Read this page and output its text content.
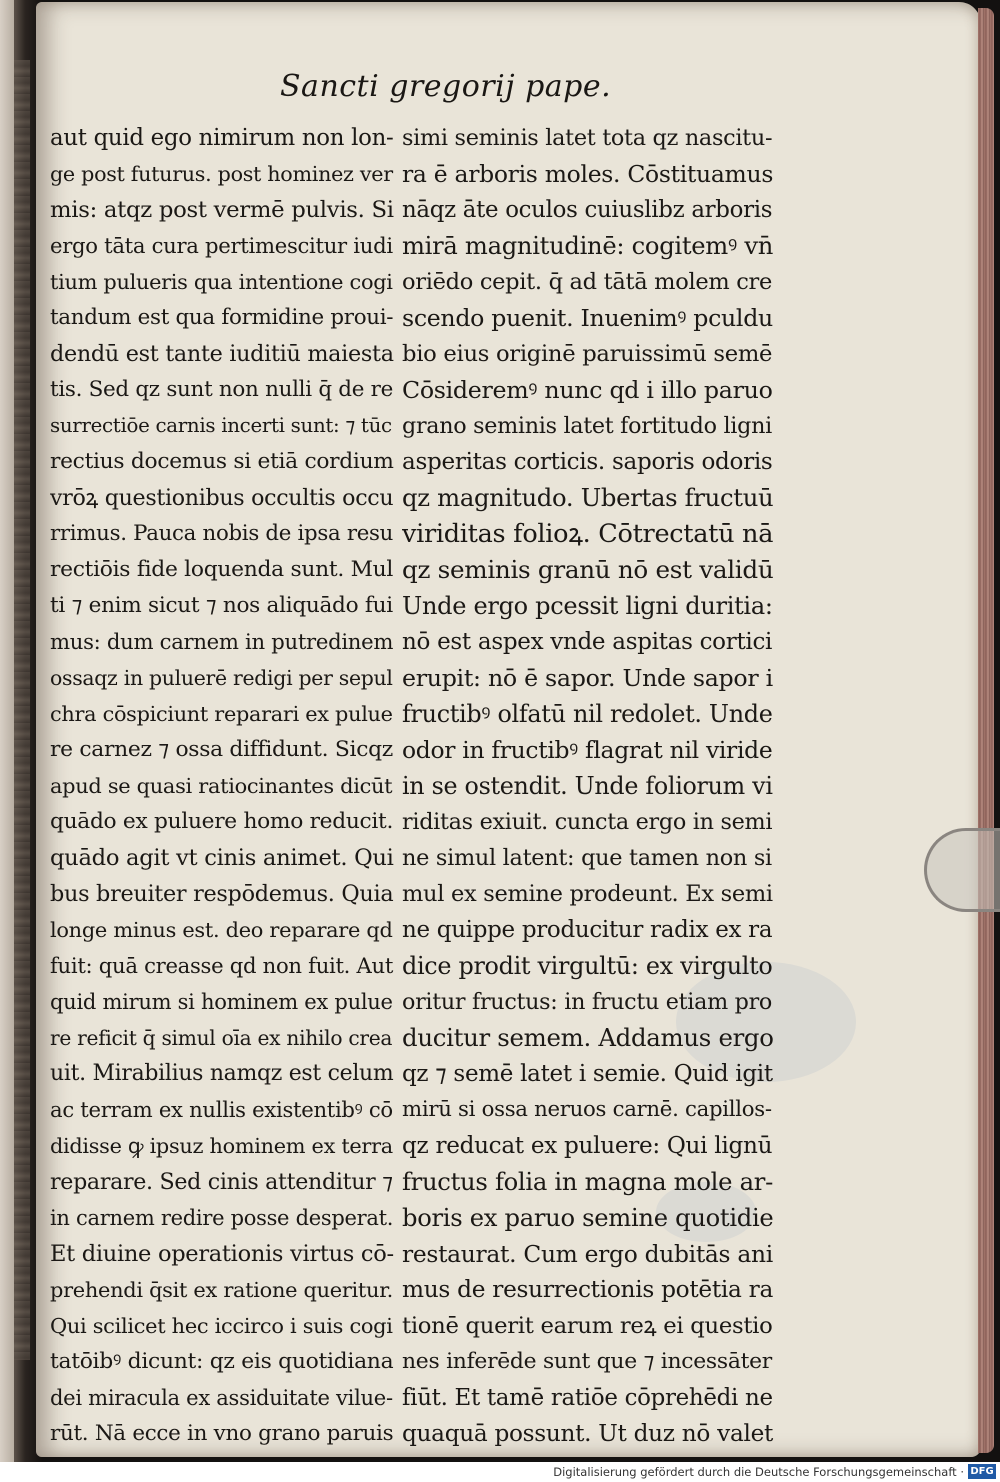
Sancti gregorij pape.
aut quid ego nimirum non lon-
ge post futurus. post hominez ver
mis: atqz post vermē pulvis. Si
ergo tāta cura pertimescitur iudi
tium pulueris qua intentione cogi
tandum est qua formidine proui-
dendū est tante iuditiū maiesta
tis. Sed qz sunt non nulli q̄ de re
surrectiōe carnis incerti sunt: ⁊ tūc
rectius docemus si etiā cordium
vrōꝝ questionibus occultis occu
rrimus. Pauca nobis de ipsa resu
rectiōis fide loquenda sunt. Mul
ti ⁊ enim sicut ⁊ nos aliquādo fui
mus: dum carnem in putredinem
ossaqz in puluerē redigi per sepul
chra cōspiciunt reparari ex pulue
re carnez ⁊ ossa diffidunt. Sicqz
apud se quasi ratiocinantes dicūt
quādo ex puluere homo reducit.
quādo agit vt cinis animet. Qui
bus breuiter respōdemus. Quia
longe minus est. deo reparare qd
fuit: quā creasse qd non fuit. Aut
quid mirum si hominem ex pulue
re reficit q̄ simul oīa ex nihilo crea
uit. Mirabilius namqz est celum
ac terram ex nullis existentibꝰ cō
didisse ꝙ ipsuz hominem ex terra
reparare. Sed cinis attenditur ⁊
in carnem redire posse desperat.
Et diuine operationis virtus cō-
prehendi q̄sit ex ratione queritur.
Qui scilicet hec iccirco i suis cogi
tatōibꝰ dicunt: qz eis quotidiana
dei miracula ex assiduitate vilue-
rūt. Nā ecce in vno grano paruis
simi seminis latet tota qz nascitu-
ra ē arboris moles. Cōstituamus
nāqz āte oculos cuiuslibz arboris
mirā magnitudinē: cogitemꝰ vn̄
oriēdo cepit. q̄ ad tātā molem cre
scendo puenit. Inuenimꝰ pculdu
bio eius originē paruissimū semē
Cōsideremꝰ nunc qd i illo paruo
grano seminis latet fortitudo ligni
asperitas corticis. saporis odoris
qz magnitudo. Ubertas fructuū
viriditas folioꝝ. Cōtrectatū nā
qz seminis granū nō est validū
Unde ergo pcessit ligni duritia:
nō est aspex vnde aspitas cortici
erupit: nō ē sapor. Unde sapor i
fructibꝰ olfatū nil redolet. Unde
odor in fructibꝰ flagrat nil viride
in se ostendit. Unde foliorum vi
riditas exiuit. cuncta ergo in semi
ne simul latent: que tamen non si
mul ex semine prodeunt. Ex semi
ne quippe producitur radix ex ra
dice prodit virgultū: ex virgulto
oritur fructus: in fructu etiam pro
ducitur semem. Addamus ergo
qz ⁊ semē latet i semie. Quid igit
mirū si ossa neruos carnē. capillos-
qz reducat ex puluere: Qui lignū
fructus folia in magna mole ar-
boris ex paruo semine quotidie
restaurat. Cum ergo dubitās ani
mus de resurrectionis potētia ra
tionē querit earum reꝝ ei questio
nes inferēde sunt que ⁊ incessāter
fiūt. Et tamē ratiōe cōprehēdi ne
quaquā possunt. Ut duz nō valet
Digitalisierung gefördert durch die Deutsche Forschungsgemeinschaft · DFG
